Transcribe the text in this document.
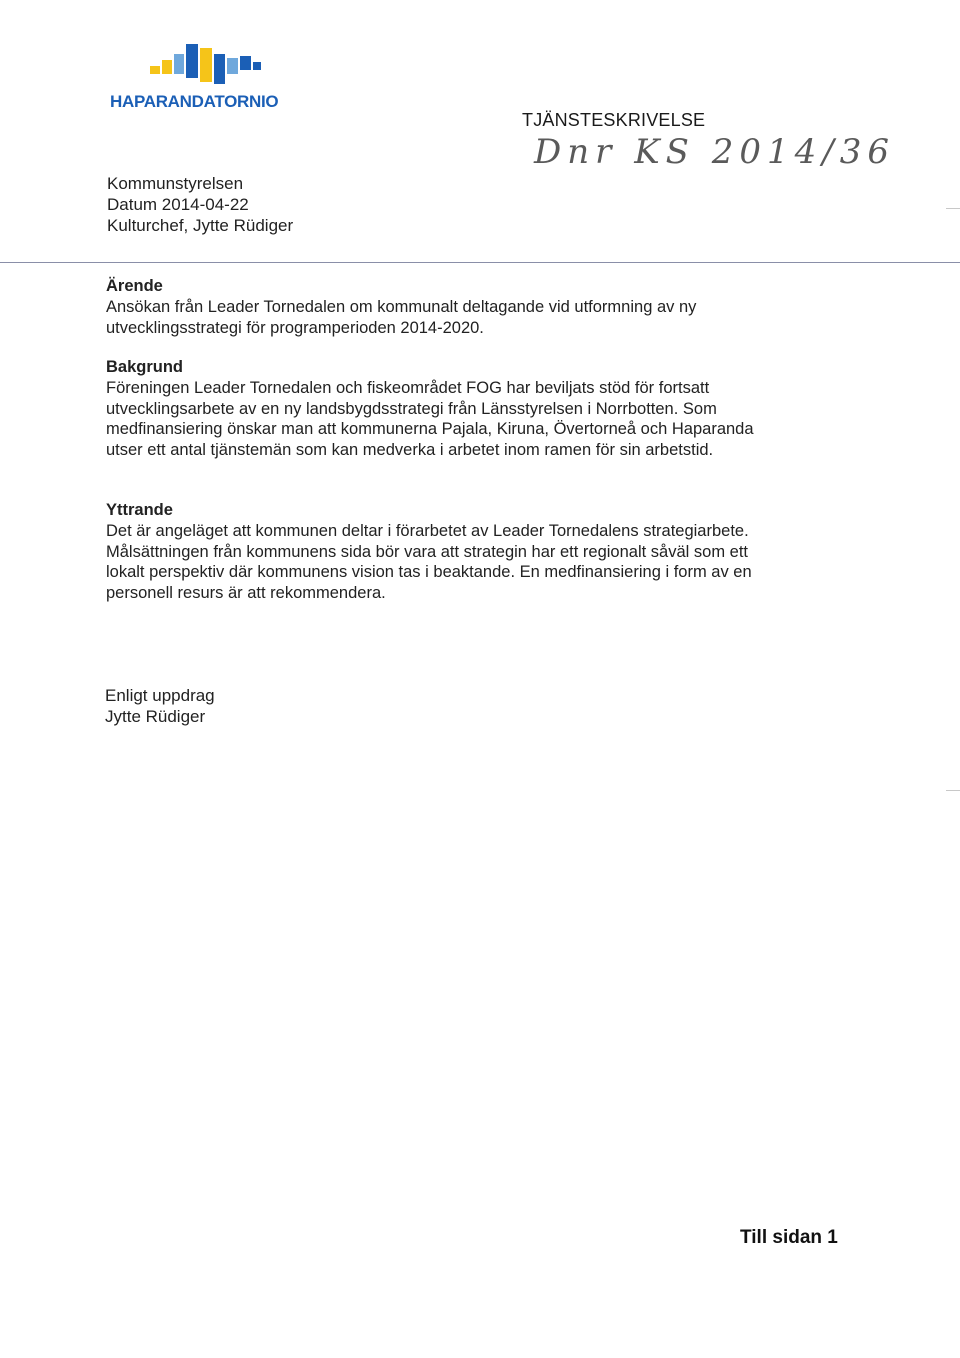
HAPARANDATORNIO
TJÄNSTESKRIVELSE
Dnr KS 2014/36
Kommunstyrelsen
Datum 2014-04-22
Kulturchef, Jytte Rüdiger
Ärende
Ansökan från Leader Tornedalen om kommunalt deltagande vid utformning av ny
utvecklingsstrategi för programperioden 2014-2020.
Bakgrund
Föreningen Leader Tornedalen och fiskeområdet FOG har beviljats stöd för fortsatt
utvecklingsarbete av en ny landsbygdsstrategi från Länsstyrelsen i Norrbotten. Som
medfinansiering önskar man att kommunerna Pajala, Kiruna, Övertorneå och Haparanda
utser ett antal tjänstemän som kan medverka i arbetet inom ramen för sin arbetstid.
Yttrande
Det är angeläget att kommunen deltar i förarbetet av Leader Tornedalens strategiarbete.
Målsättningen från kommunens sida bör vara att strategin har ett regionalt såväl som ett
lokalt perspektiv där kommunens vision tas i beaktande. En medfinansiering i form av en
personell resurs är att rekommendera.
Enligt uppdrag
Jytte Rüdiger
Till sidan 1
